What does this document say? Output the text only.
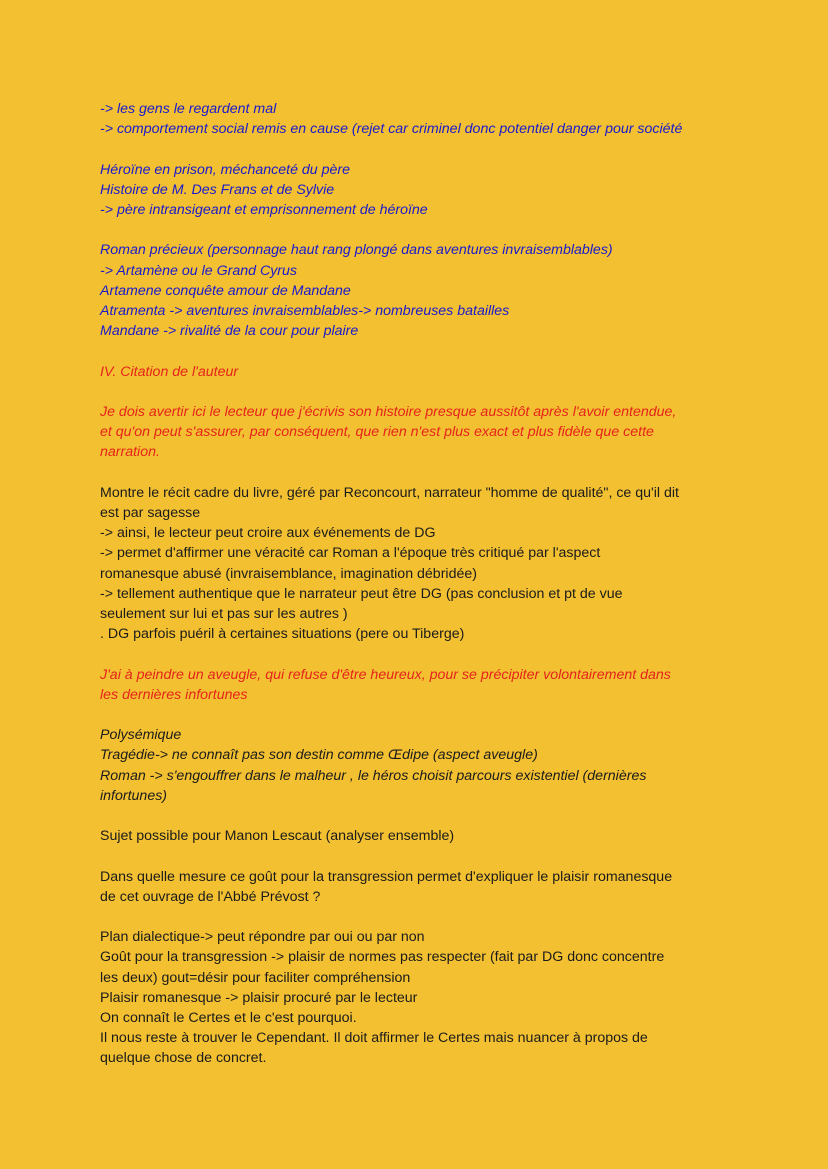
-> les gens le regardent mal
-> comportement social remis en cause (rejet car criminel donc potentiel danger pour société
Héroïne en prison, méchanceté du père
Histoire de M. Des Frans et de Sylvie
-> père intransigeant et emprisonnement de héroïne
Roman précieux (personnage haut rang plongé dans aventures invraisemblables)
-> Artamène ou le Grand Cyrus
Artamene conquête amour de Mandane
Atramenta -> aventures invraisemblables-> nombreuses batailles
Mandane -> rivalité de la cour pour plaire
IV. Citation de l'auteur
Je dois avertir ici le lecteur que j'écrivis son histoire presque aussitôt après l'avoir entendue,
et qu'on peut s'assurer, par conséquent, que rien n'est plus exact et plus fidèle que cette
narration.
Montre le récit cadre du livre, géré par Reconcourt, narrateur "homme de qualité", ce qu'il dit
est par sagesse
-> ainsi, le lecteur peut croire aux événements de DG
-> permet d'affirmer une véracité car Roman a l'époque très critiqué par l'aspect
romanesque abusé (invraisemblance, imagination débridée)
-> tellement authentique que le narrateur peut être DG (pas conclusion et pt de vue
seulement sur lui et pas sur les autres )
. DG parfois puéril à certaines situations (pere ou Tiberge)
J'ai à peindre un aveugle, qui refuse d'être heureux, pour se précipiter volontairement dans
les dernières infortunes
Polysémique
Tragédie-> ne connaît pas son destin comme Œdipe (aspect aveugle)
Roman -> s'engouffrer dans le malheur , le héros choisit parcours existentiel (dernières
infortunes)
Sujet possible pour Manon Lescaut (analyser ensemble)
Dans quelle mesure ce goût pour la transgression permet d'expliquer le plaisir romanesque
de cet ouvrage de l'Abbé Prévost ?
Plan dialectique-> peut répondre par oui ou par non
Goût pour la transgression -> plaisir de normes pas respecter (fait par DG donc concentre
les deux) gout=désir pour faciliter compréhension
Plaisir romanesque -> plaisir procuré par le lecteur
On connaît le Certes et le c'est pourquoi.
Il nous reste à trouver le Cependant. Il doit affirmer le Certes mais nuancer à propos de
quelque chose de concret.
